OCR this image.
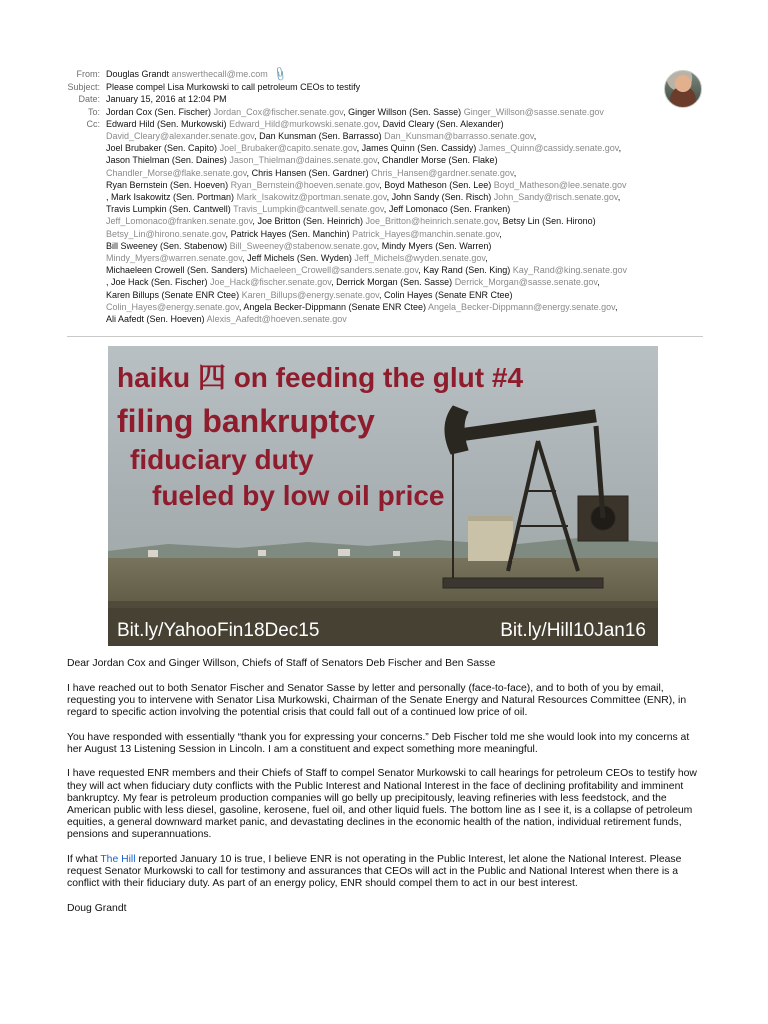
From: Douglas Grandt answerthecall@me.com 📎
Subject: Please compel Lisa Murkowski to call petroleum CEOs to testify
Date: January 15, 2016 at 12:04 PM
To: Jordan Cox (Sen. Fischer) Jordan_Cox@fischer.senate.gov, Ginger Willson (Sen. Sasse) Ginger_Willson@sasse.senate.gov
Cc: Edward Hild (Sen. Murkowski) Edward_Hild@murkowski.senate.gov, David Cleary (Sen. Alexander)
David_Cleary@alexander.senate.gov, Dan Kunsman (Sen. Barrasso) Dan_Kunsman@barrasso.senate.gov,
Joel Brubaker (Sen. Capito) Joel_Brubaker@capito.senate.gov, James Quinn (Sen. Cassidy) James_Quinn@cassidy.senate.gov,
Jason Thielman (Sen. Daines) Jason_Thielman@daines.senate.gov, Chandler Morse (Sen. Flake)
Chandler_Morse@flake.senate.gov, Chris Hansen (Sen. Gardner) Chris_Hansen@gardner.senate.gov,
Ryan Bernstein (Sen. Hoeven) Ryan_Bernstein@hoeven.senate.gov, Boyd Matheson (Sen. Lee) Boyd_Matheson@lee.senate.gov
, Mark Isakowitz (Sen. Portman) Mark_Isakowitz@portman.senate.gov, John Sandy (Sen. Risch) John_Sandy@risch.senate.gov,
Travis Lumpkin (Sen. Cantwell) Travis_Lumpkin@cantwell.senate.gov, Jeff Lomonaco (Sen. Franken)
Jeff_Lomonaco@franken.senate.gov, Joe Britton (Sen. Heinrich) Joe_Britton@heinrich.senate.gov, Betsy Lin (Sen. Hirono)
Betsy_Lin@hirono.senate.gov, Patrick Hayes (Sen. Manchin) Patrick_Hayes@manchin.senate.gov,
Bill Sweeney (Sen. Stabenow) Bill_Sweeney@stabenow.senate.gov, Mindy Myers (Sen. Warren)
Mindy_Myers@warren.senate.gov, Jeff Michels (Sen. Wyden) Jeff_Michels@wyden.senate.gov,
Michaeleen Crowell (Sen. Sanders) Michaeleen_Crowell@sanders.senate.gov, Kay Rand (Sen. King) Kay_Rand@king.senate.gov
, Joe Hack (Sen. Fischer) Joe_Hack@fischer.senate.gov, Derrick Morgan (Sen. Sasse) Derrick_Morgan@sasse.senate.gov,
Karen Billups (Senate ENR Ctee) Karen_Billups@energy.senate.gov, Colin Hayes (Senate ENR Ctee)
Colin_Hayes@energy.senate.gov, Angela Becker-Dippmann (Senate ENR Ctee) Angela_Becker-Dippmann@energy.senate.gov,
Ali Aafedt (Sen. Hoeven) Alexis_Aafedt@hoeven.senate.gov
haiku 四 on feeding the glut #4
filing bankruptcy
fiduciary duty
fueled by low oil price
Bit.ly/YahooFin18Dec15	Bit.ly/Hill10Jan16

Dear Jordan Cox and Ginger Willson, Chiefs of Staff of Senators Deb Fischer and Ben Sasse

I have reached out to both Senator Fischer and Senator Sasse by letter and personally (face-to-face), and to both of you by email, requesting you to intervene with Senator Lisa Murkowski, Chairman of the Senate Energy and Natural Resources Committee (ENR), in regard to specific action involving the potential crisis that could fall out of a continued low price of oil.

You have responded with essentially “thank you for expressing your concerns.” Deb Fischer told me she would look into my concerns at her August 13 Listening Session in Lincoln. I am a constituent and expect something more meaningful.

I have requested ENR members and their Chiefs of Staff to compel Senator Murkowski to call hearings for petroleum CEOs to testify how they will act when fiduciary duty conflicts with the Public Interest and National Interest in the face of declining profitability and imminent bankruptcy. My fear is petroleum production companies will go belly up precipitously, leaving refineries with less feedstock, and the American public with less diesel, gasoline, kerosene, fuel oil, and other liquid fuels. The bottom line as I see it, is a collapse of petroleum equities, a general downward market panic, and devastating declines in the economic health of the nation, individual retirement funds, pensions and superannuations.

If what The Hill reported January 10 is true, I believe ENR is not operating in the Public Interest, let alone the National Interest. Please request Senator Murkowski to call for testimony and assurances that CEOs will act in the Public and National Interest when there is a conflict with their fiduciary duty. As part of an energy policy, ENR should compel them to act in our best interest.

Doug Grandt
